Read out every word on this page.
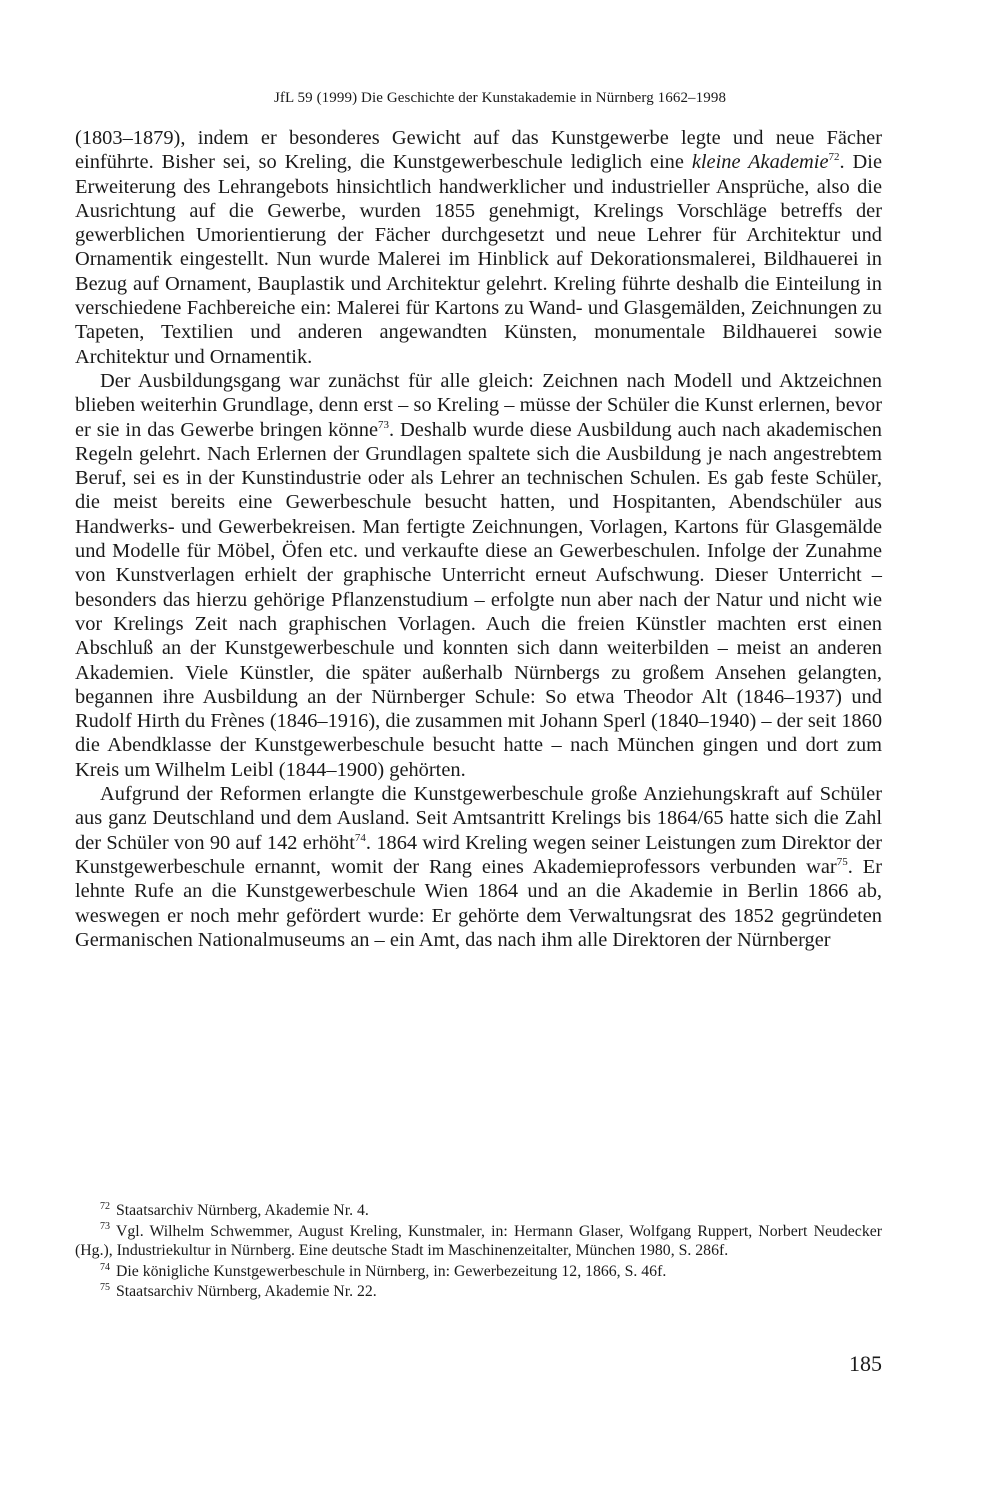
JfL 59 (1999) Die Geschichte der Kunstakademie in Nürnberg 1662–1998

(1803–1879), indem er besonderes Gewicht auf das Kunstgewerbe legte und neue Fächer einführte. Bisher sei, so Kreling, die Kunstgewerbeschule lediglich eine kleine Akademie$^{72}$. Die Erweiterung des Lehrangebots hinsichtlich handwerklicher und industrieller Ansprüche, also die Ausrichtung auf die Gewerbe, wurden 1855 genehmigt, Krelings Vorschläge betreffs der gewerblichen Umorientierung der Fächer durchgesetzt und neue Lehrer für Architektur und Ornamentik eingestellt. Nun wurde Malerei im Hinblick auf Dekorationsmalerei, Bildhauerei in Bezug auf Ornament, Bauplastik und Architektur gelehrt. Kreling führte deshalb die Einteilung in verschiedene Fachbereiche ein: Malerei für Kartons zu Wand- und Glasgemälden, Zeichnungen zu Tapeten, Textilien und anderen angewandten Künsten, monumentale Bildhauerei sowie Architektur und Ornamentik.

Der Ausbildungsgang war zunächst für alle gleich: Zeichnen nach Modell und Aktzeichnen blieben weiterhin Grundlage, denn erst – so Kreling – müsse der Schüler die Kunst erlernen, bevor er sie in das Gewerbe bringen könne$^{73}$. Deshalb wurde diese Ausbildung auch nach akademischen Regeln gelehrt. Nach Erlernen der Grundlagen spaltete sich die Ausbildung je nach angestrebtem Beruf, sei es in der Kunstindustrie oder als Lehrer an technischen Schulen. Es gab feste Schüler, die meist bereits eine Gewerbeschule besucht hatten, und Hospitanten, Abendschüler aus Handwerks- und Gewerbekreisen. Man fertigte Zeichnungen, Vorlagen, Kartons für Glasgemälde und Modelle für Möbel, Öfen etc. und verkaufte diese an Gewerbeschulen. Infolge der Zunahme von Kunstverlagen erhielt der graphische Unterricht erneut Aufschwung. Dieser Unterricht – besonders das hierzu gehörige Pflanzenstudium – erfolgte nun aber nach der Natur und nicht wie vor Krelings Zeit nach graphischen Vorlagen. Auch die freien Künstler machten erst einen Abschluß an der Kunstgewerbeschule und konnten sich dann weiterbilden – meist an anderen Akademien. Viele Künstler, die später außerhalb Nürnbergs zu großem Ansehen gelangten, begannen ihre Ausbildung an der Nürnberger Schule: So etwa Theodor Alt (1846–1937) und Rudolf Hirth du Frènes (1846–1916), die zusammen mit Johann Sperl (1840–1940) – der seit 1860 die Abendklasse der Kunstgewerbeschule besucht hatte – nach München gingen und dort zum Kreis um Wilhelm Leibl (1844–1900) gehörten.

Aufgrund der Reformen erlangte die Kunstgewerbeschule große Anziehungskraft auf Schüler aus ganz Deutschland und dem Ausland. Seit Amtsantritt Krelings bis 1864/65 hatte sich die Zahl der Schüler von 90 auf 142 erhöht$^{74}$. 1864 wird Kreling wegen seiner Leistungen zum Direktor der Kunstgewerbeschule ernannt, womit der Rang eines Akademieprofessors verbunden war$^{75}$. Er lehnte Rufe an die Kunstgewerbeschule Wien 1864 und an die Akademie in Berlin 1866 ab, weswegen er noch mehr gefördert wurde: Er gehörte dem Verwaltungsrat des 1852 gegründeten Germanischen Nationalmuseums an – ein Amt, das nach ihm alle Direktoren der Nürnberger

$^{72}$ Staatsarchiv Nürnberg, Akademie Nr. 4.

$^{73}$ Vgl. Wilhelm Schwemmer, August Kreling, Kunstmaler, in: Hermann Glaser, Wolfgang Ruppert, Norbert Neudecker (Hg.), Industriekultur in Nürnberg. Eine deutsche Stadt im Maschinenzeitalter, München 1980, S. 286f.

$^{74}$ Die königliche Kunstgewerbeschule in Nürnberg, in: Gewerbezeitung 12, 1866, S. 46f.

$^{75}$ Staatsarchiv Nürnberg, Akademie Nr. 22.

185
